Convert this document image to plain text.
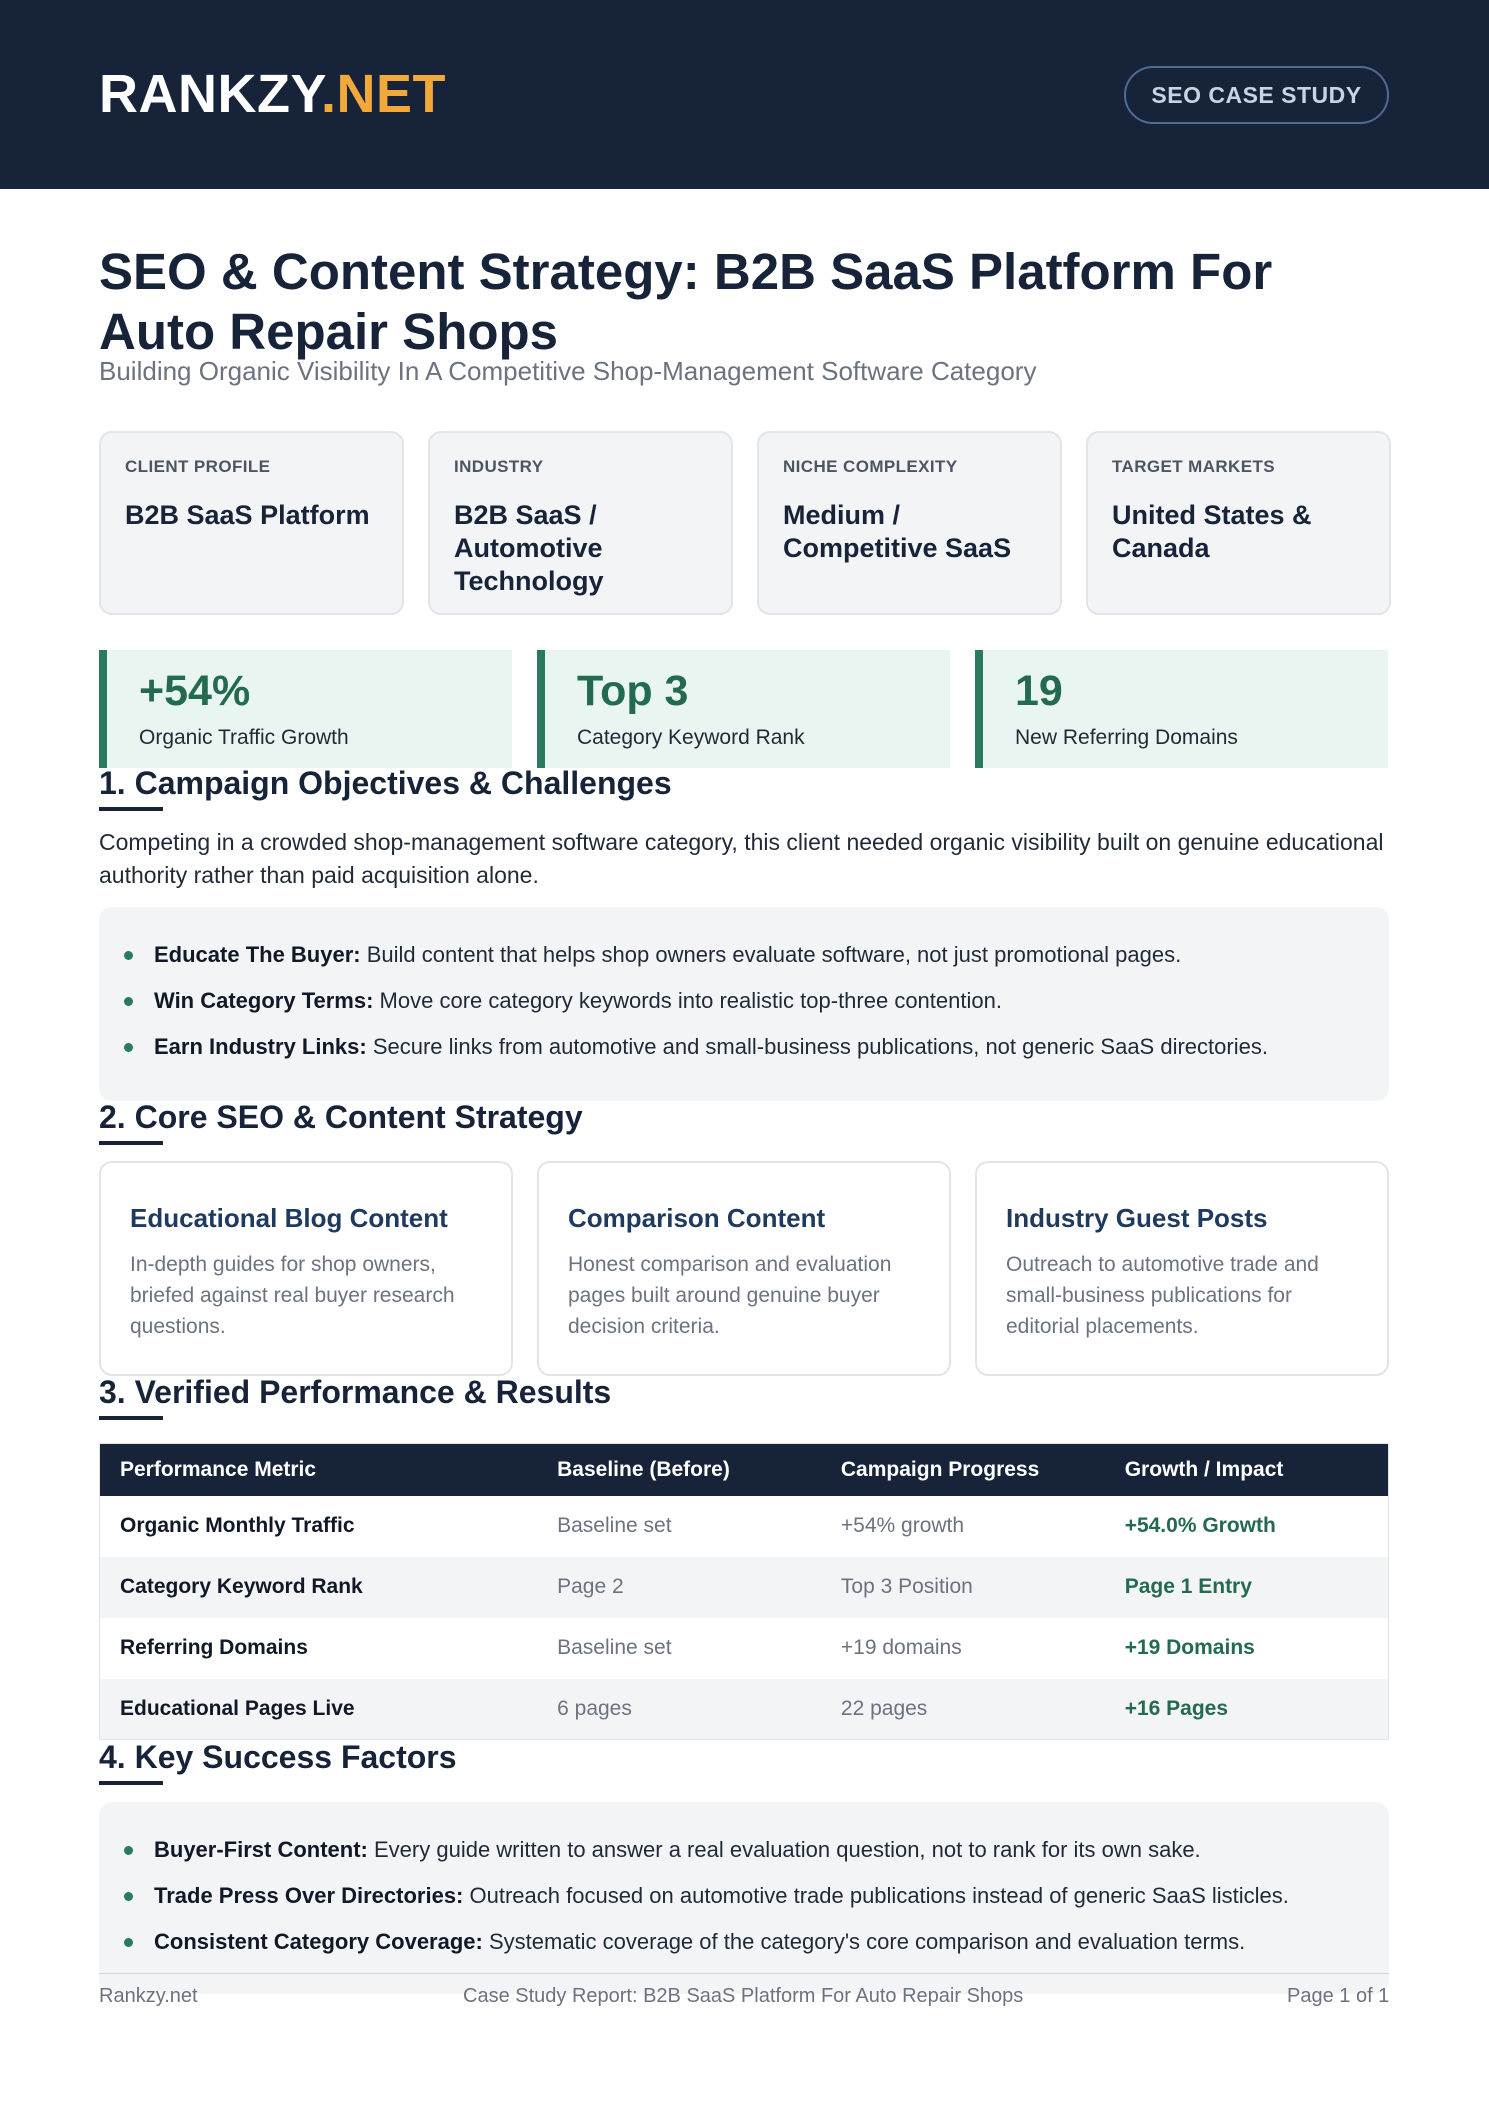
RANKZY.NET	SEO CASE STUDY
SEO & Content Strategy: B2B SaaS Platform For Auto Repair Shops
Building Organic Visibility In A Competitive Shop-Management Software Category
CLIENT PROFILE
B2B SaaS Platform
INDUSTRY
B2B SaaS / Automotive Technology
NICHE COMPLEXITY
Medium / Competitive SaaS
TARGET MARKETS
United States & Canada
+54%
Organic Traffic Growth
Top 3
Category Keyword Rank
19
New Referring Domains
1. Campaign Objectives & Challenges
Competing in a crowded shop-management software category, this client needed organic visibility built on genuine educational authority rather than paid acquisition alone.
Educate The Buyer: Build content that helps shop owners evaluate software, not just promotional pages.
Win Category Terms: Move core category keywords into realistic top-three contention.
Earn Industry Links: Secure links from automotive and small-business publications, not generic SaaS directories.
2. Core SEO & Content Strategy
Educational Blog Content
In-depth guides for shop owners, briefed against real buyer research questions.
Comparison Content
Honest comparison and evaluation pages built around genuine buyer decision criteria.
Industry Guest Posts
Outreach to automotive trade and small-business publications for editorial placements.
3. Verified Performance & Results
Performance Metric	Baseline (Before)	Campaign Progress	Growth / Impact
Organic Monthly Traffic	Baseline set	+54% growth	+54.0% Growth
Category Keyword Rank	Page 2	Top 3 Position	Page 1 Entry
Referring Domains	Baseline set	+19 domains	+19 Domains
Educational Pages Live	6 pages	22 pages	+16 Pages
4. Key Success Factors
Buyer-First Content: Every guide written to answer a real evaluation question, not to rank for its own sake.
Trade Press Over Directories: Outreach focused on automotive trade publications instead of generic SaaS listicles.
Consistent Category Coverage: Systematic coverage of the category's core comparison and evaluation terms.
Rankzy.net	Case Study Report: B2B SaaS Platform For Auto Repair Shops	Page 1 of 1
